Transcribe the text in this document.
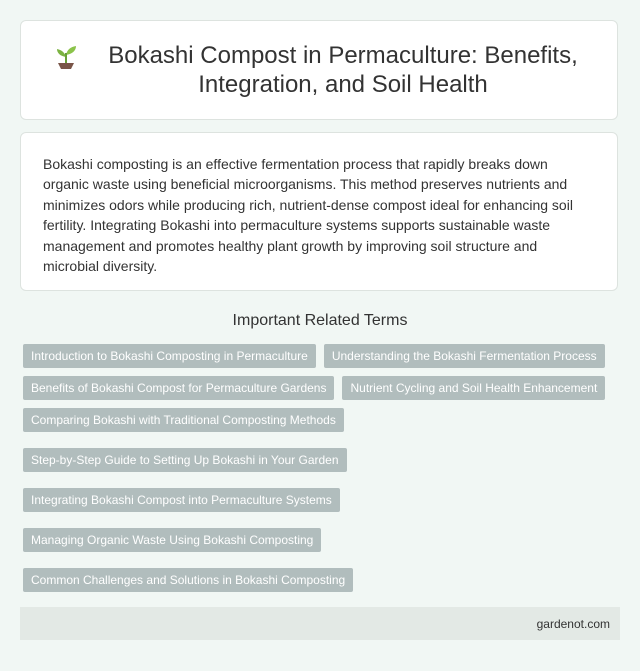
Bokashi Compost in Permaculture: Benefits, Integration, and Soil Health

Bokashi composting is an effective fermentation process that rapidly breaks down organic waste using beneficial microorganisms. This method preserves nutrients and minimizes odors while producing rich, nutrient-dense compost ideal for enhancing soil fertility. Integrating Bokashi into permaculture systems supports sustainable waste management and promotes healthy plant growth by improving soil structure and microbial diversity.

Important Related Terms
Introduction to Bokashi Composting in Permaculture	Understanding the Bokashi Fermentation Process
Benefits of Bokashi Compost for Permaculture Gardens	Nutrient Cycling and Soil Health Enhancement
Comparing Bokashi with Traditional Composting Methods
Step-by-Step Guide to Setting Up Bokashi in Your Garden
Integrating Bokashi Compost into Permaculture Systems
Managing Organic Waste Using Bokashi Composting
Common Challenges and Solutions in Bokashi Composting
gardenot.com
